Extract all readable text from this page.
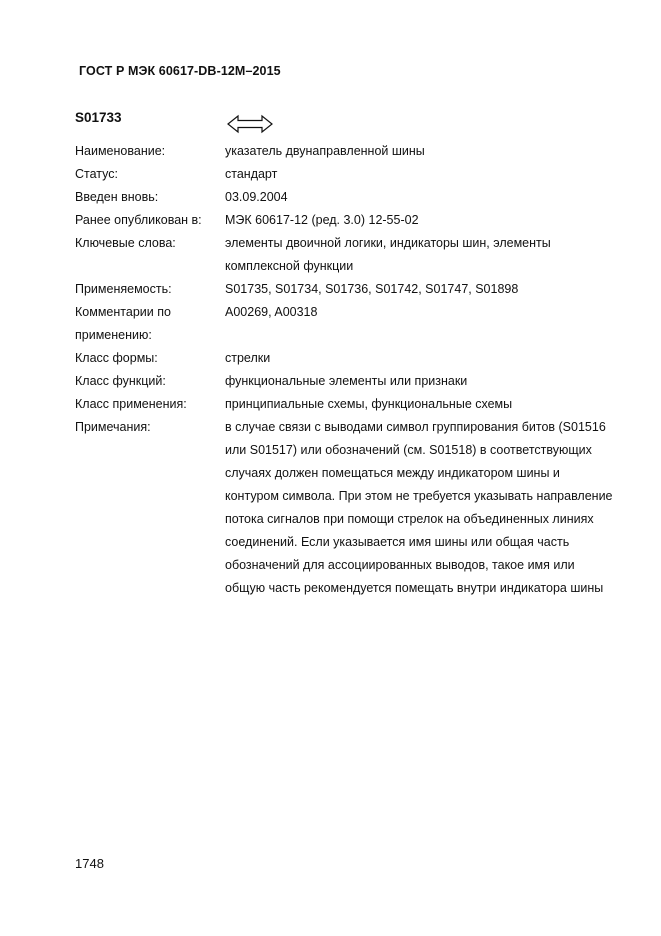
ГОСТ Р МЭК 60617-DB-12M–2015
S01733
Наименование:	указатель двунаправленной шины
Статус:	стандарт
Введен вновь:	03.09.2004
Ранее опубликован в:	МЭК 60617-12 (ред. 3.0) 12-55-02
Ключевые слова:	элементы двоичной логики, индикаторы шин, элементы комплексной функции
Применяемость:	S01735, S01734, S01736, S01742, S01747, S01898
Комментарии по применению:
A00269, A00318
Класс формы:	стрелки
Класс функций:	функциональные элементы или признаки
Класс применения:	принципиальные схемы, функциональные схемы
Примечания:	в случае связи с выводами символ группирования битов (S01516 или S01517) или обозначений (см. S01518) в соответствующих случаях должен помещаться между индикатором шины и контуром символа. При этом не требуется указывать направление потока сигналов при помощи стрелок на объединенных линиях соединений. Если указывается имя шины или общая часть обозначений для ассоциированных выводов, такое имя или общую часть рекомендуется помещать внутри индикатора шины
1748
